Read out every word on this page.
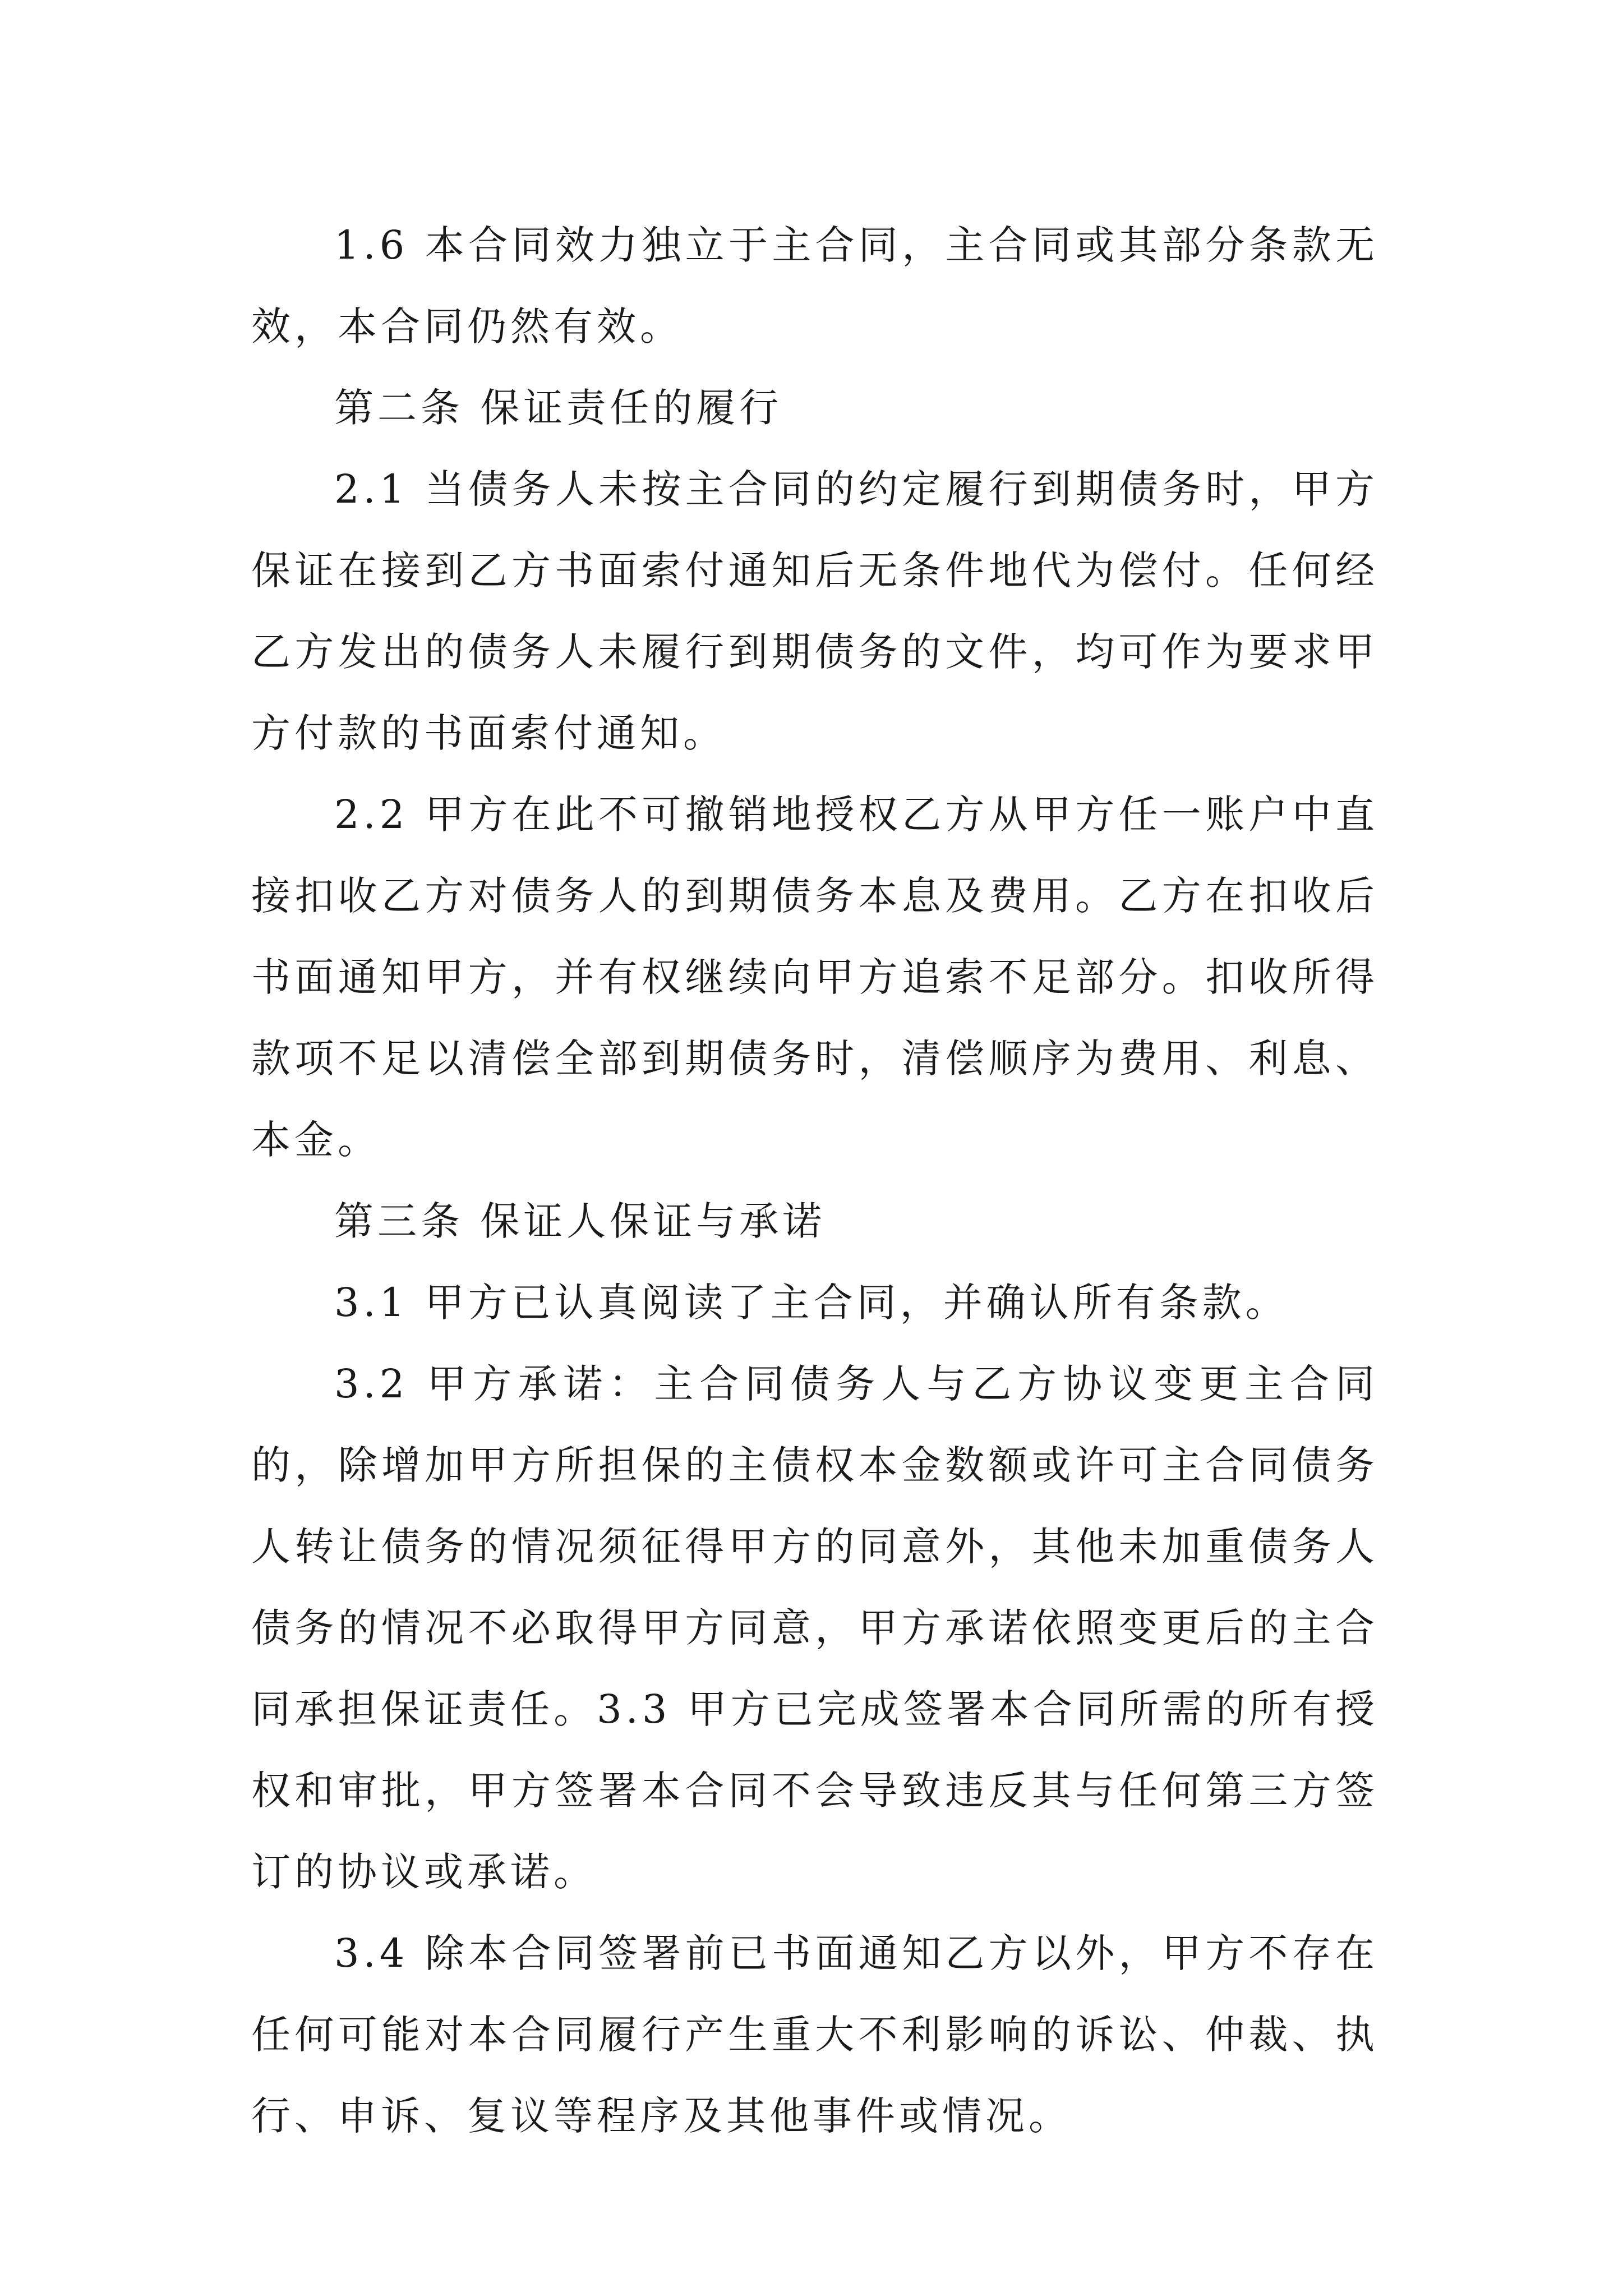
1.6 本合同效力独立于主合同，主合同或其部分条款无效，本合同仍然有效。

第二条 保证责任的履行

2.1 当债务人未按主合同的约定履行到期债务时，甲方保证在接到乙方书面索付通知后无条件地代为偿付。任何经乙方发出的债务人未履行到期债务的文件，均可作为要求甲方付款的书面索付通知。

2.2 甲方在此不可撤销地授权乙方从甲方任一账户中直接扣收乙方对债务人的到期债务本息及费用。乙方在扣收后书面通知甲方，并有权继续向甲方追索不足部分。扣收所得款项不足以清偿全部到期债务时，清偿顺序为费用、利息、本金。

第三条 保证人保证与承诺

3.1 甲方已认真阅读了主合同，并确认所有条款。

3.2 甲方承诺：主合同债务人与乙方协议变更主合同的，除增加甲方所担保的主债权本金数额或许可主合同债务人转让债务的情况须征得甲方的同意外，其他未加重债务人债务的情况不必取得甲方同意，甲方承诺依照变更后的主合同承担保证责任。3.3 甲方已完成签署本合同所需的所有授权和审批，甲方签署本合同不会导致违反其与任何第三方签订的协议或承诺。

3.4 除本合同签署前已书面通知乙方以外，甲方不存在任何可能对本合同履行产生重大不利影响的诉讼、仲裁、执行、申诉、复议等程序及其他事件或情况。
